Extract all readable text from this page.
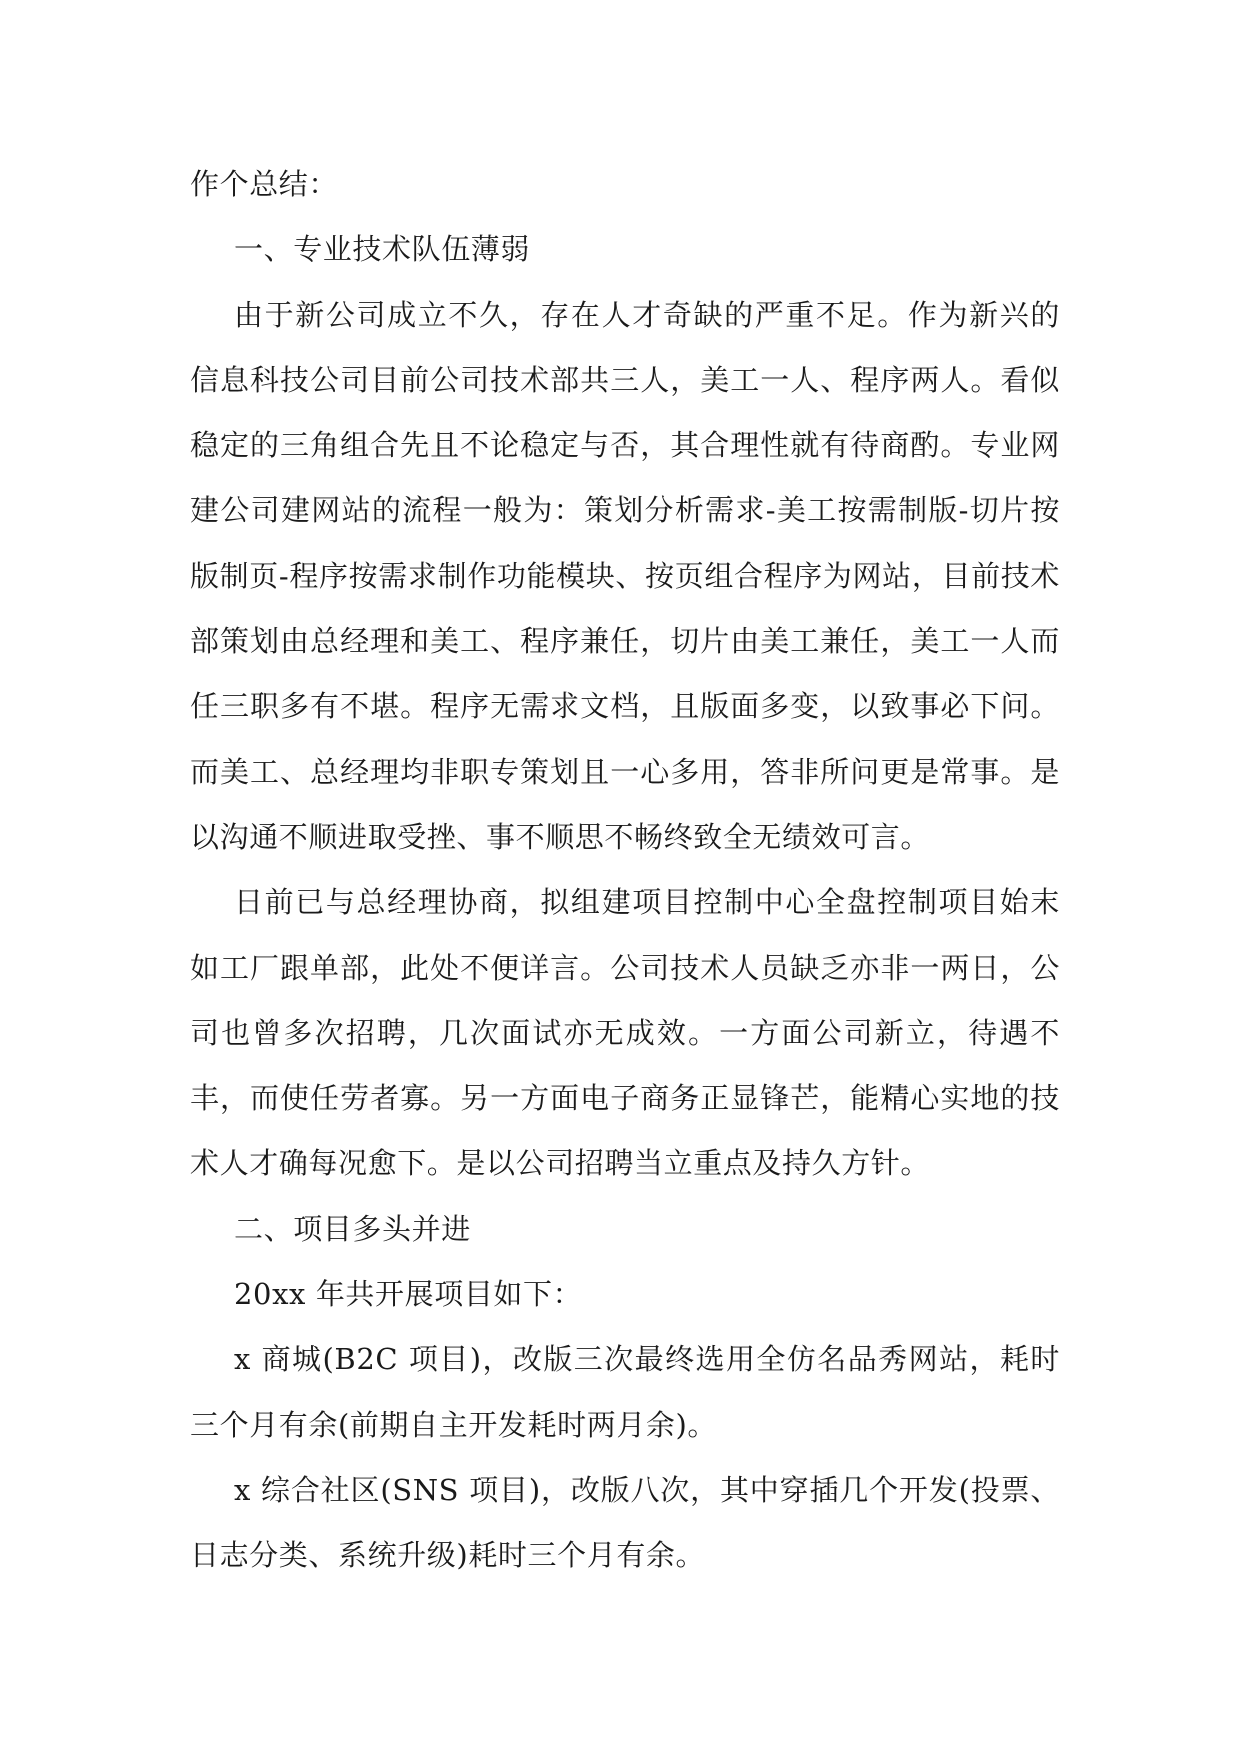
作个总结：

一、专业技术队伍薄弱

由于新公司成立不久，存在人才奇缺的严重不足。作为新兴的信息科技公司目前公司技术部共三人，美工一人、程序两人。看似稳定的三角组合先且不论稳定与否，其合理性就有待商酌。专业网建公司建网站的流程一般为：策划分析需求-美工按需制版-切片按版制页-程序按需求制作功能模块、按页组合程序为网站，目前技术部策划由总经理和美工、程序兼任，切片由美工兼任，美工一人而任三职多有不堪。程序无需求文档，且版面多变，以致事必下问。而美工、总经理均非职专策划且一心多用，答非所问更是常事。是以沟通不顺进取受挫、事不顺思不畅终致全无绩效可言。

日前已与总经理协商，拟组建项目控制中心全盘控制项目始末如工厂跟单部，此处不便详言。公司技术人员缺乏亦非一两日，公司也曾多次招聘，几次面试亦无成效。一方面公司新立，待遇不丰，而使任劳者寡。另一方面电子商务正显锋芒，能精心实地的技术人才确每况愈下。是以公司招聘当立重点及持久方针。

二、项目多头并进

20xx 年共开展项目如下：

x 商城(B2C 项目)，改版三次最终选用全仿名品秀网站，耗时三个月有余(前期自主开发耗时两月余)。

x 综合社区(SNS 项目)，改版八次，其中穿插几个开发(投票、日志分类、系统升级)耗时三个月有余。
